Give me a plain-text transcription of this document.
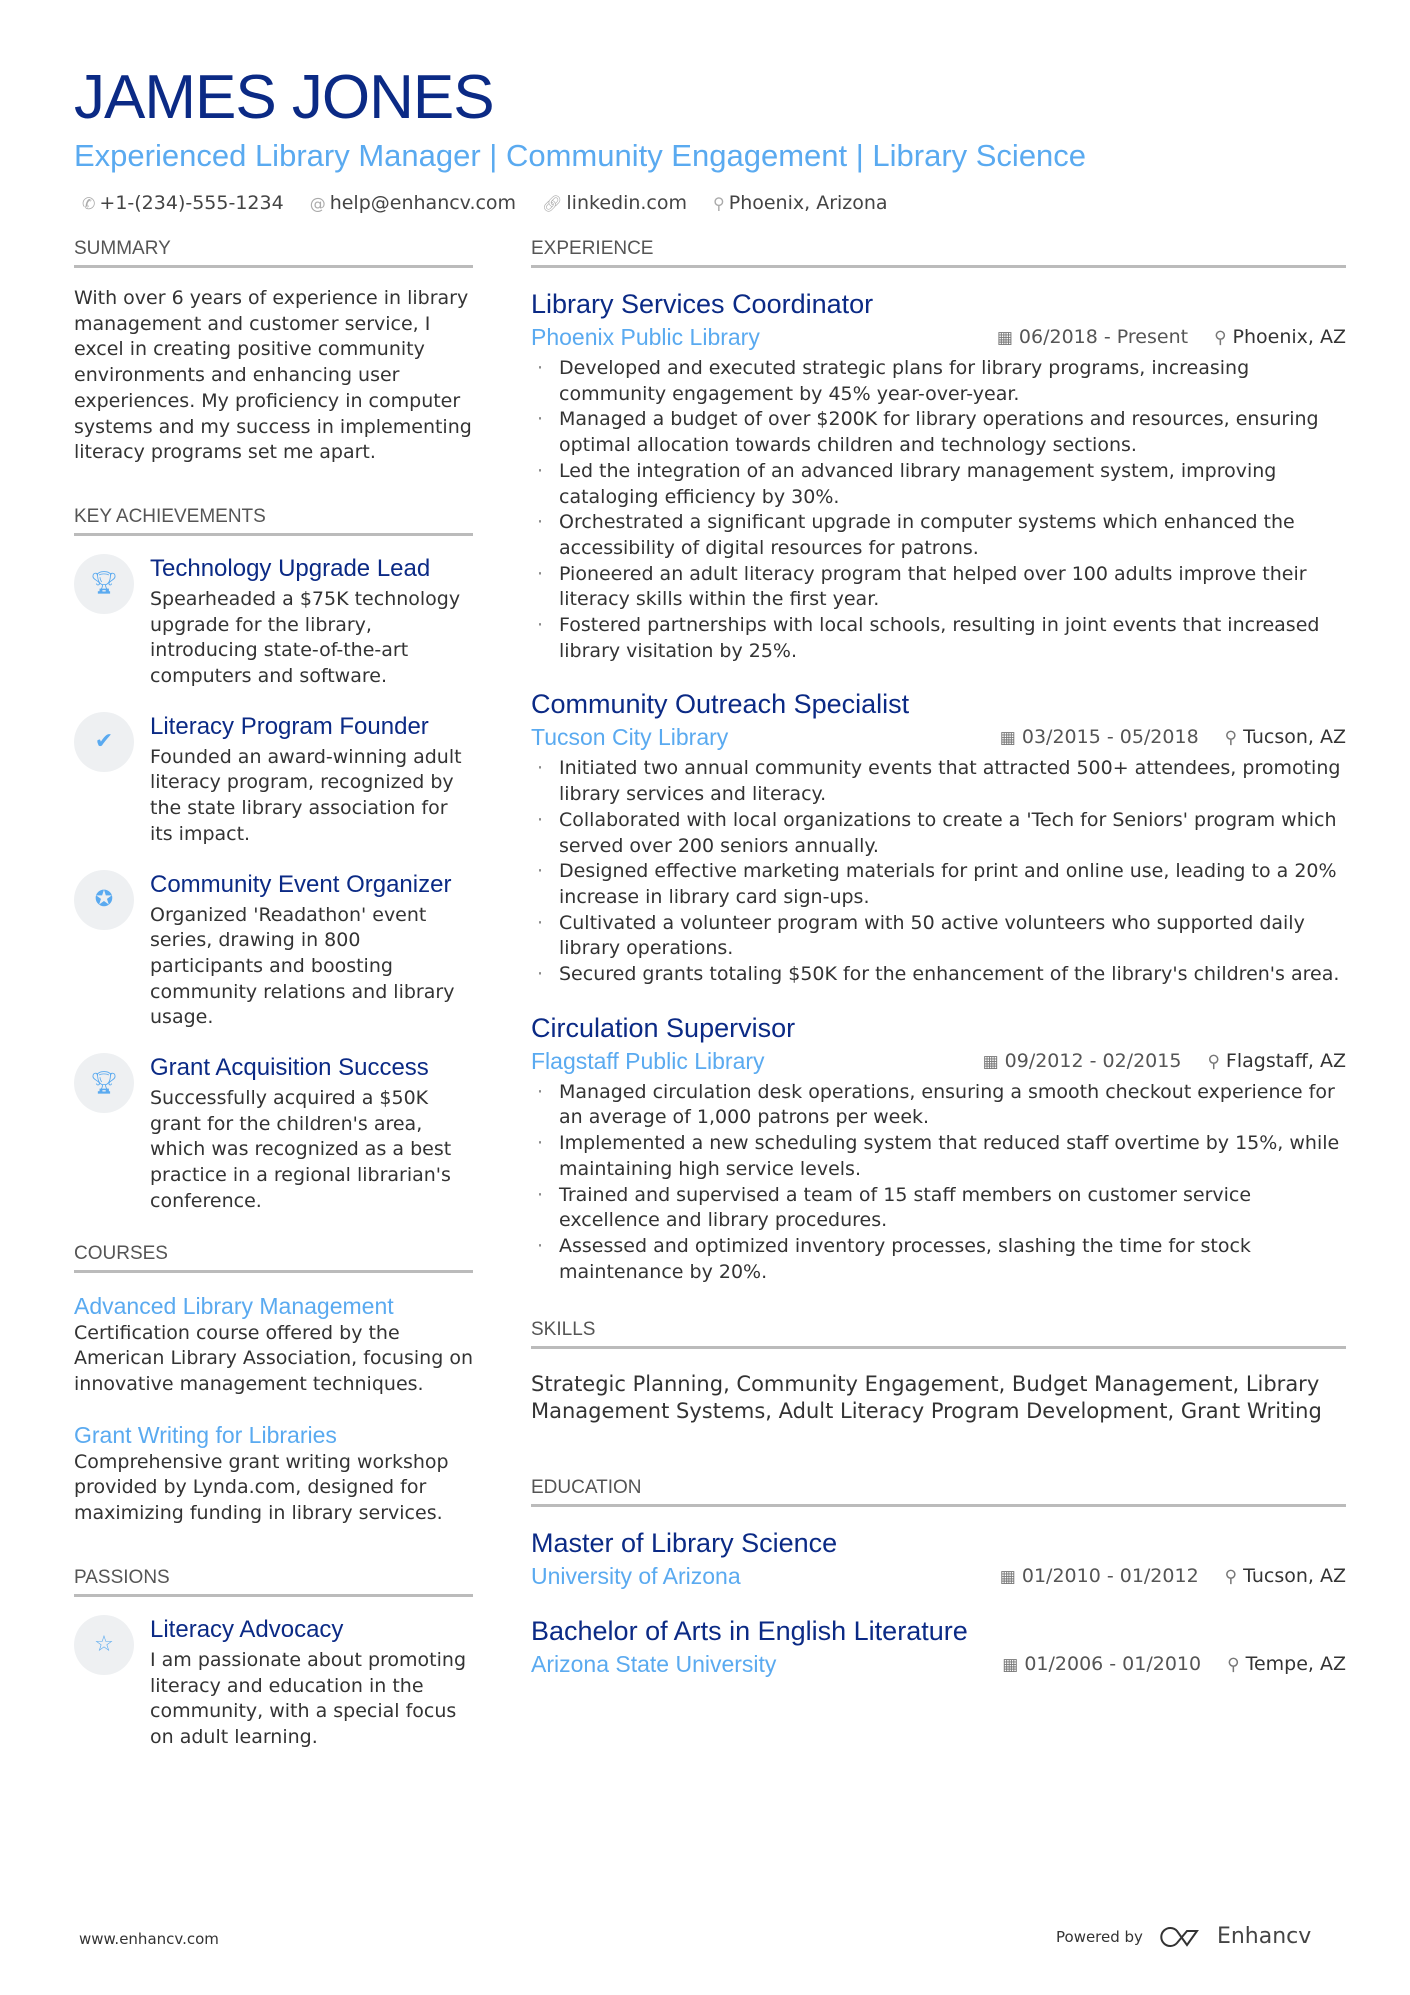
JAMES JONES
Experienced Library Manager | Community Engagement | Library Science
✆ +1-(234)-555-1234 @ help@enhancv.com 🔗︎ linkedin.com ⚲ Phoenix, Arizona
SUMMARY
With over 6 years of experience in library management and customer service, I excel in creating positive community environments and enhancing user experiences. My proficiency in computer systems and my success in implementing literacy programs set me apart.
KEY ACHIEVEMENTS
🏆︎
Technology Upgrade Lead
Spearheaded a $75K technology upgrade for the library, introducing state-of-the-art computers and software.
✔
Literacy Program Founder
Founded an award-winning adult literacy program, recognized by the state library association for its impact.
✪
Community Event Organizer
Organized 'Readathon' event series, drawing in 800 participants and boosting community relations and library usage.
🏆︎
Grant Acquisition Success
Successfully acquired a $50K grant for the children's area, which was recognized as a best practice in a regional librarian's conference.
COURSES
Advanced Library Management
Certification course offered by the American Library Association, focusing on innovative management techniques.
Grant Writing for Libraries
Comprehensive grant writing workshop provided by Lynda.com, designed for maximizing funding in library services.
PASSIONS
☆
Literacy Advocacy
I am passionate about promoting literacy and education in the community, with a special focus on adult learning.
EXPERIENCE
Library Services Coordinator
Phoenix Public Library	▦ 06/2018 - Present ⚲ Phoenix, AZ
· Developed and executed strategic plans for library programs, increasing community engagement by 45% year-over-year.
· Managed a budget of over $200K for library operations and resources, ensuring optimal allocation towards children and technology sections.
· Led the integration of an advanced library management system, improving cataloging efficiency by 30%.
· Orchestrated a significant upgrade in computer systems which enhanced the accessibility of digital resources for patrons.
· Pioneered an adult literacy program that helped over 100 adults improve their literacy skills within the first year.
· Fostered partnerships with local schools, resulting in joint events that increased library visitation by 25%.
Community Outreach Specialist
Tucson City Library	▦ 03/2015 - 05/2018 ⚲ Tucson, AZ
· Initiated two annual community events that attracted 500+ attendees, promoting library services and literacy.
· Collaborated with local organizations to create a 'Tech for Seniors' program which served over 200 seniors annually.
· Designed effective marketing materials for print and online use, leading to a 20% increase in library card sign-ups.
· Cultivated a volunteer program with 50 active volunteers who supported daily library operations.
· Secured grants totaling $50K for the enhancement of the library's children's area.
Circulation Supervisor
Flagstaff Public Library	▦ 09/2012 - 02/2015 ⚲ Flagstaff, AZ
· Managed circulation desk operations, ensuring a smooth checkout experience for an average of 1,000 patrons per week.
· Implemented a new scheduling system that reduced staff overtime by 15%, while maintaining high service levels.
· Trained and supervised a team of 15 staff members on customer service excellence and library procedures.
· Assessed and optimized inventory processes, slashing the time for stock maintenance by 20%.
SKILLS
Strategic Planning, Community Engagement, Budget Management, Library Management Systems, Adult Literacy Program Development, Grant Writing
EDUCATION
Master of Library Science
University of Arizona	▦ 01/2010 - 01/2012 ⚲ Tucson, AZ
Bachelor of Arts in English Literature
Arizona State University	▦ 01/2006 - 01/2010 ⚲ Tempe, AZ
www.enhancv.com	Powered by	Enhancv
